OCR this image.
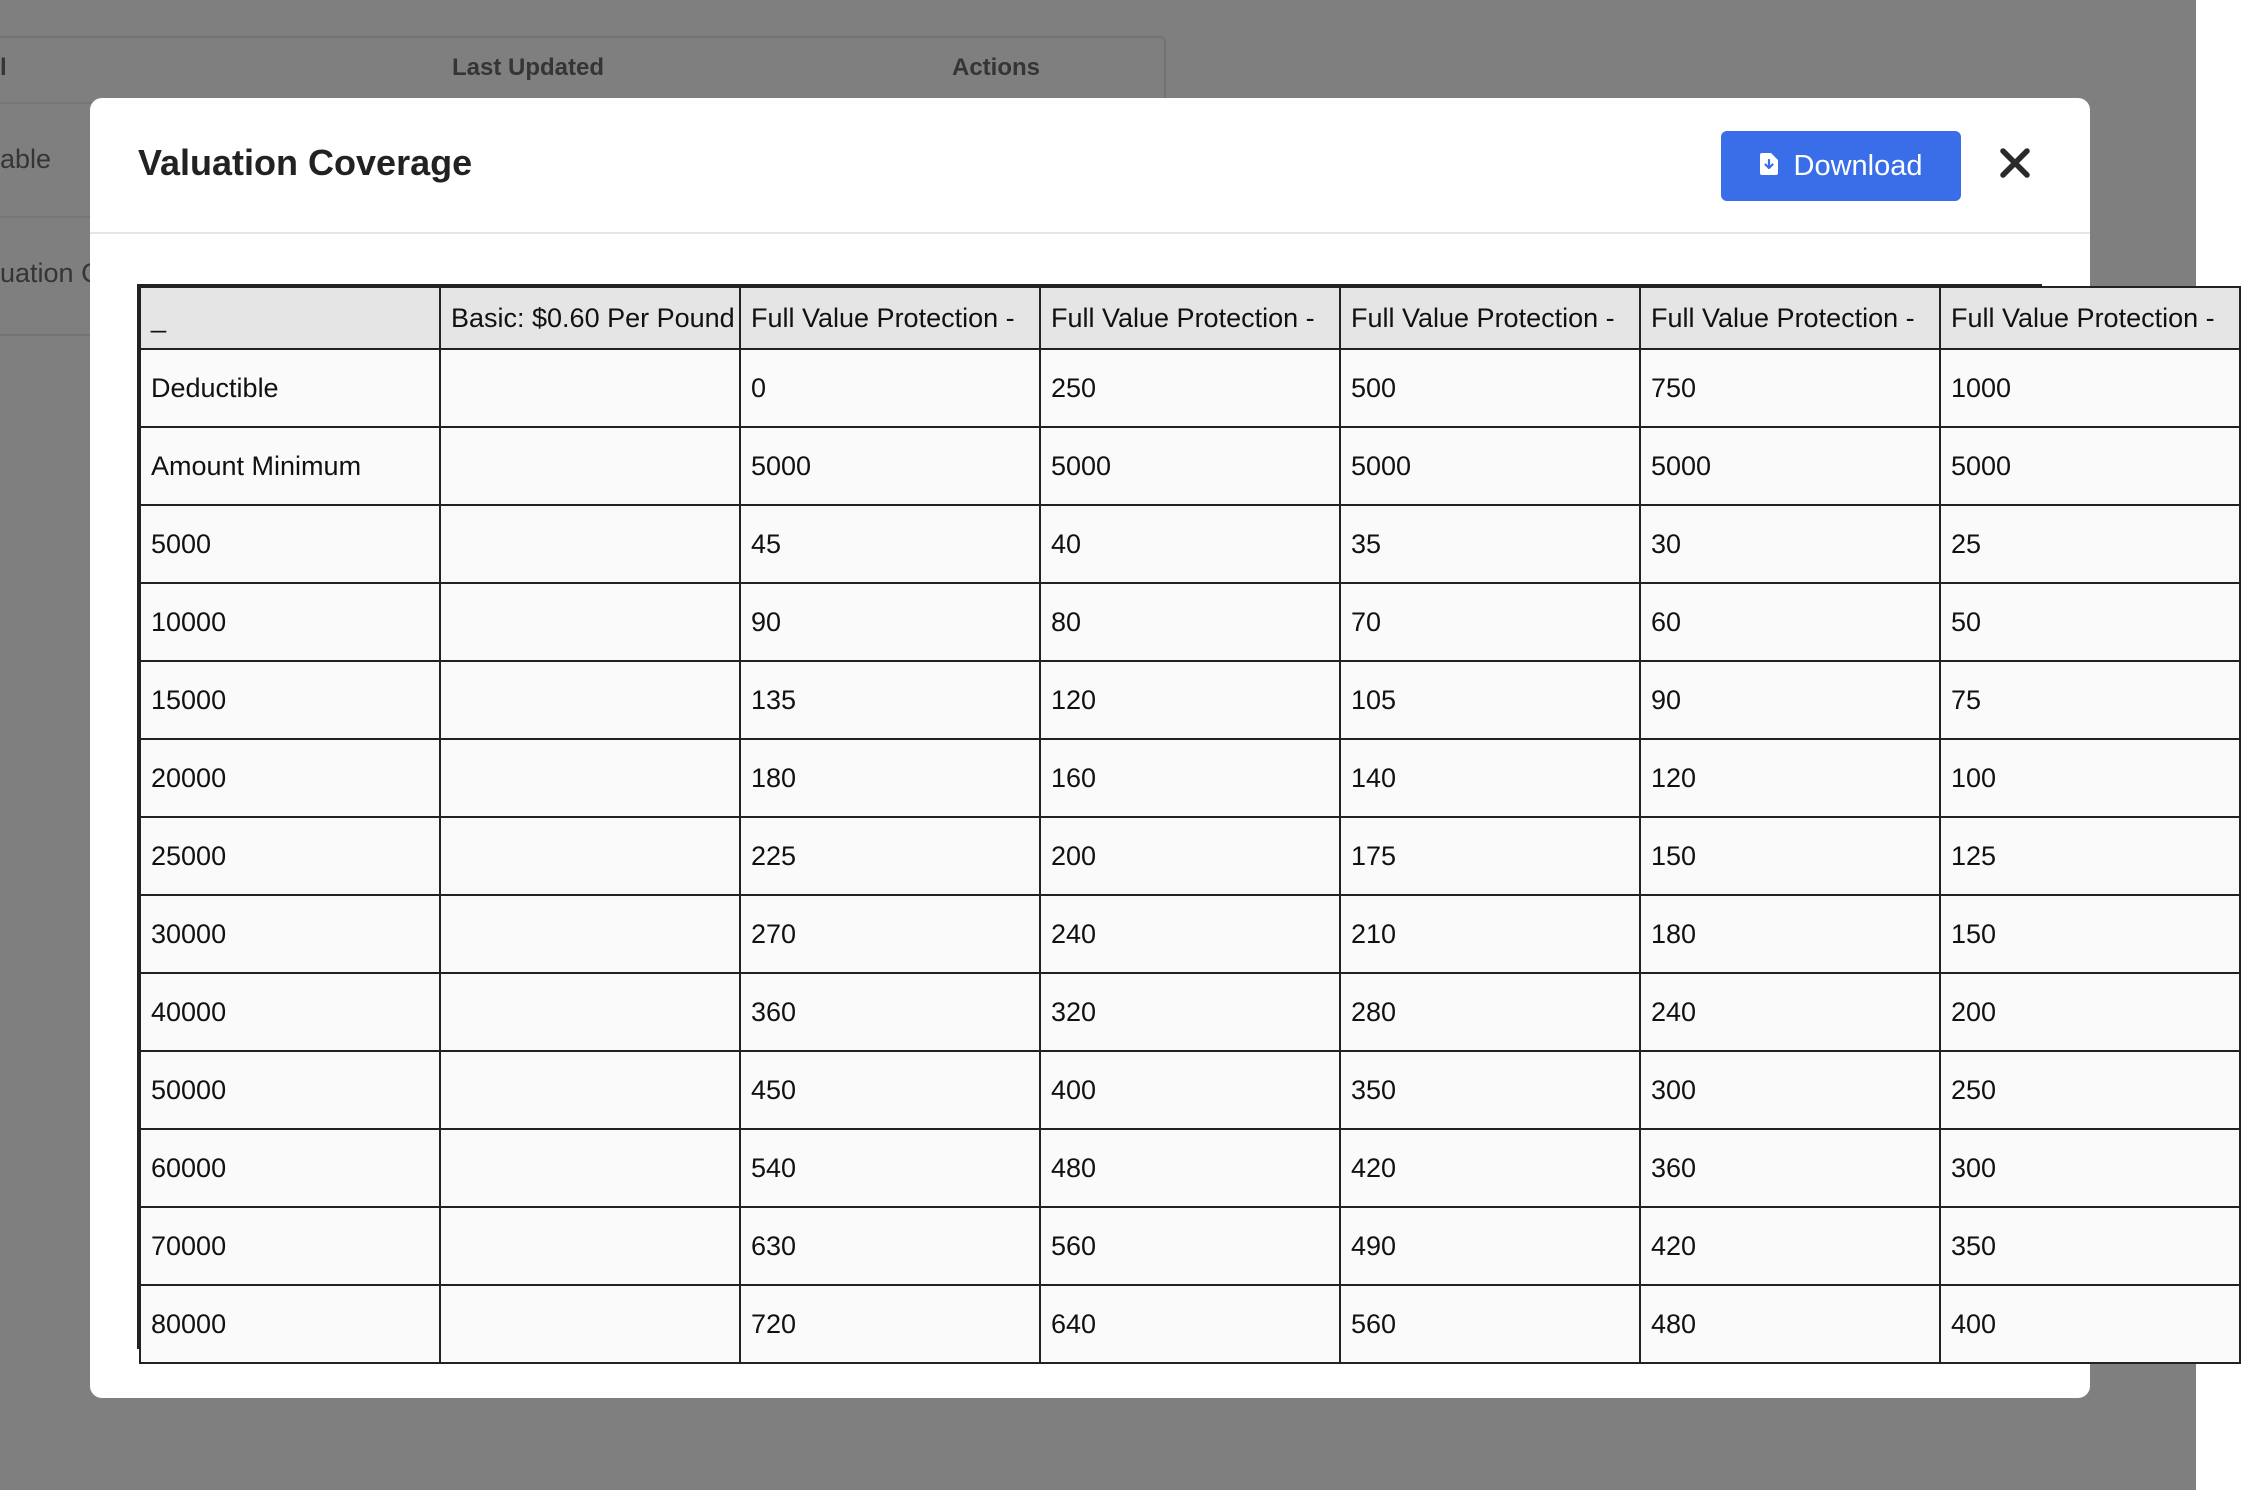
Valuation Coverage	Download
_	Basic: $0.60 Per Pound	Full Value Protection -	Full Value Protection -	Full Value Protection -	Full Value Protection -	Full Value Protection -
Deductible		0	250	500	750	1000
Amount Minimum		5000	5000	5000	5000	5000
5000		45	40	35	30	25
10000		90	80	70	60	50
15000		135	120	105	90	75
20000		180	160	140	120	100
25000		225	200	175	150	125
30000		270	240	210	180	150
40000		360	320	280	240	200
50000		450	400	350	300	250
60000		540	480	420	360	300
70000		630	560	490	420	350
80000		720	640	560	480	400
